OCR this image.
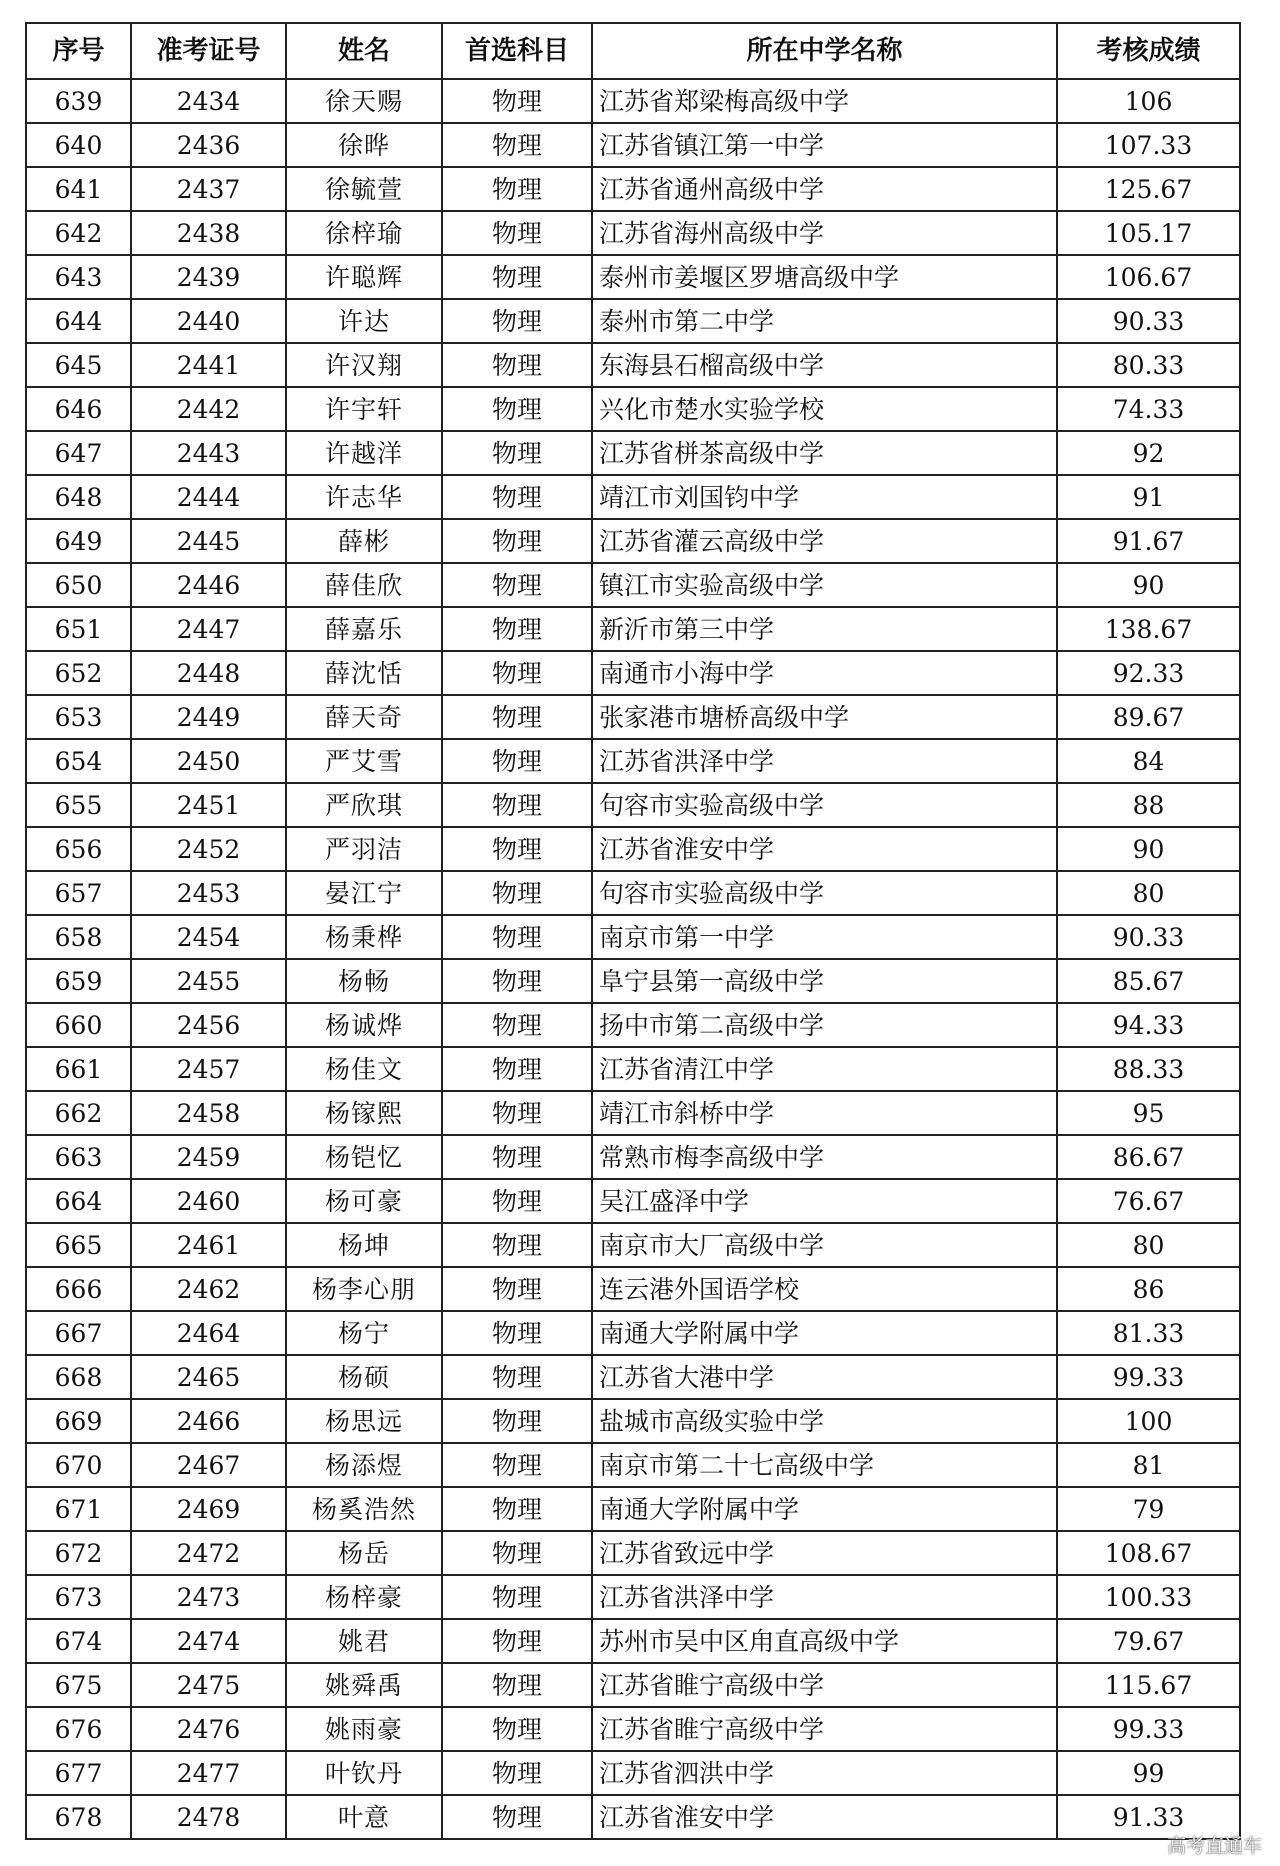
序号	准考证号	姓名	首选科目	所在中学名称	考核成绩
639	2434	徐天赐	物理	江苏省郑梁梅高级中学	106
640	2436	徐晔	物理	江苏省镇江第一中学	107.33
641	2437	徐毓萱	物理	江苏省通州高级中学	125.67
642	2438	徐梓瑜	物理	江苏省海州高级中学	105.17
643	2439	许聪辉	物理	泰州市姜堰区罗塘高级中学	106.67
644	2440	许达	物理	泰州市第二中学	90.33
645	2441	许汉翔	物理	东海县石榴高级中学	80.33
646	2442	许宇轩	物理	兴化市楚水实验学校	74.33
647	2443	许越洋	物理	江苏省栟茶高级中学	92
648	2444	许志华	物理	靖江市刘国钧中学	91
649	2445	薛彬	物理	江苏省灌云高级中学	91.67
650	2446	薛佳欣	物理	镇江市实验高级中学	90
651	2447	薛嘉乐	物理	新沂市第三中学	138.67
652	2448	薛沈恬	物理	南通市小海中学	92.33
653	2449	薛天奇	物理	张家港市塘桥高级中学	89.67
654	2450	严艾雪	物理	江苏省洪泽中学	84
655	2451	严欣琪	物理	句容市实验高级中学	88
656	2452	严羽洁	物理	江苏省淮安中学	90
657	2453	晏江宁	物理	句容市实验高级中学	80
658	2454	杨秉桦	物理	南京市第一中学	90.33
659	2455	杨畅	物理	阜宁县第一高级中学	85.67
660	2456	杨诚烨	物理	扬中市第二高级中学	94.33
661	2457	杨佳文	物理	江苏省清江中学	88.33
662	2458	杨镓熙	物理	靖江市斜桥中学	95
663	2459	杨铠忆	物理	常熟市梅李高级中学	86.67
664	2460	杨可豪	物理	吴江盛泽中学	76.67
665	2461	杨坤	物理	南京市大厂高级中学	80
666	2462	杨李心朋	物理	连云港外国语学校	86
667	2464	杨宁	物理	南通大学附属中学	81.33
668	2465	杨硕	物理	江苏省大港中学	99.33
669	2466	杨思远	物理	盐城市高级实验中学	100
670	2467	杨添煜	物理	南京市第二十七高级中学	81
671	2469	杨奚浩然	物理	南通大学附属中学	79
672	2472	杨岳	物理	江苏省致远中学	108.67
673	2473	杨梓豪	物理	江苏省洪泽中学	100.33
674	2474	姚君	物理	苏州市吴中区甪直高级中学	79.67
675	2475	姚舜禹	物理	江苏省睢宁高级中学	115.67
676	2476	姚雨豪	物理	江苏省睢宁高级中学	99.33
677	2477	叶钦丹	物理	江苏省泗洪中学	99
678	2478	叶意	物理	江苏省淮安中学	91.33
高考直通车
